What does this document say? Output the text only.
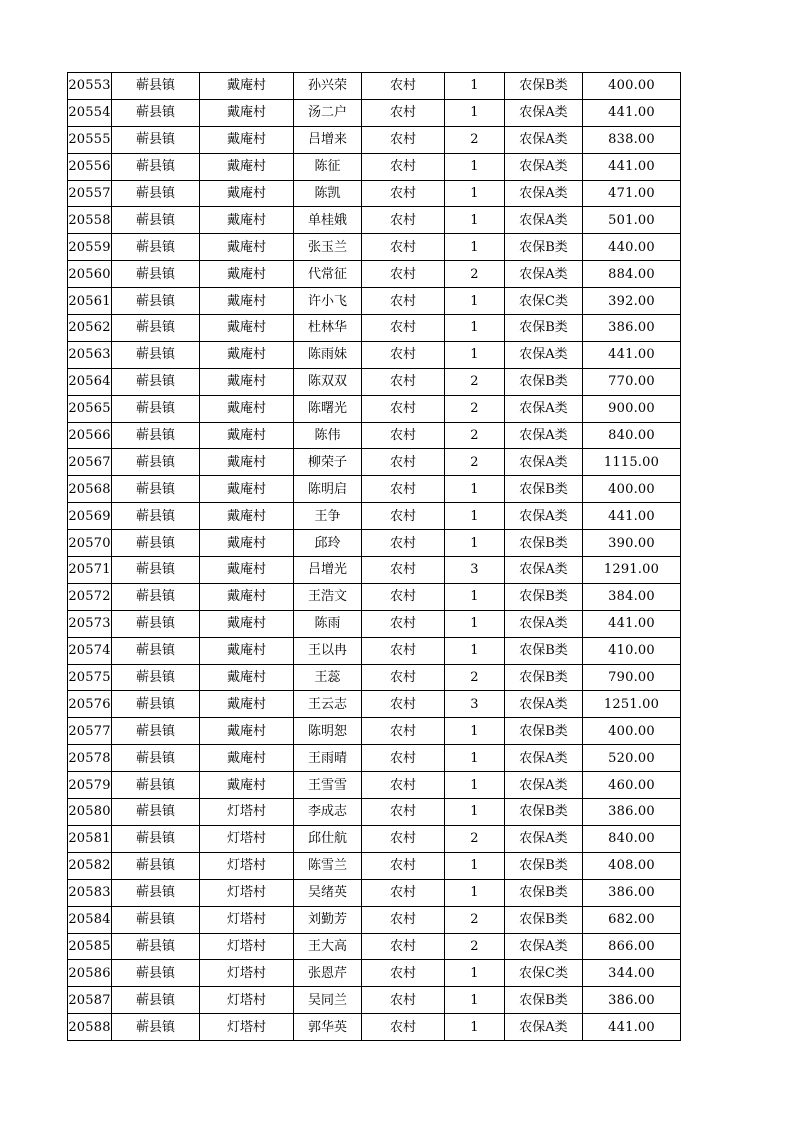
20553	蕲县镇	戴庵村	孙兴荣	农村	1	农保B类	400.00
20554	蕲县镇	戴庵村	汤二户	农村	1	农保A类	441.00
20555	蕲县镇	戴庵村	吕增来	农村	2	农保A类	838.00
20556	蕲县镇	戴庵村	陈征	农村	1	农保A类	441.00
20557	蕲县镇	戴庵村	陈凯	农村	1	农保A类	471.00
20558	蕲县镇	戴庵村	单桂娥	农村	1	农保A类	501.00
20559	蕲县镇	戴庵村	张玉兰	农村	1	农保B类	440.00
20560	蕲县镇	戴庵村	代常征	农村	2	农保A类	884.00
20561	蕲县镇	戴庵村	许小飞	农村	1	农保C类	392.00
20562	蕲县镇	戴庵村	杜林华	农村	1	农保B类	386.00
20563	蕲县镇	戴庵村	陈雨妹	农村	1	农保A类	441.00
20564	蕲县镇	戴庵村	陈双双	农村	2	农保B类	770.00
20565	蕲县镇	戴庵村	陈曙光	农村	2	农保A类	900.00
20566	蕲县镇	戴庵村	陈伟	农村	2	农保A类	840.00
20567	蕲县镇	戴庵村	柳荣子	农村	2	农保A类	1115.00
20568	蕲县镇	戴庵村	陈明启	农村	1	农保B类	400.00
20569	蕲县镇	戴庵村	王争	农村	1	农保A类	441.00
20570	蕲县镇	戴庵村	邱玲	农村	1	农保B类	390.00
20571	蕲县镇	戴庵村	吕增光	农村	3	农保A类	1291.00
20572	蕲县镇	戴庵村	王浩文	农村	1	农保B类	384.00
20573	蕲县镇	戴庵村	陈雨	农村	1	农保A类	441.00
20574	蕲县镇	戴庵村	王以冉	农村	1	农保B类	410.00
20575	蕲县镇	戴庵村	王蕊	农村	2	农保B类	790.00
20576	蕲县镇	戴庵村	王云志	农村	3	农保A类	1251.00
20577	蕲县镇	戴庵村	陈明恕	农村	1	农保B类	400.00
20578	蕲县镇	戴庵村	王雨晴	农村	1	农保A类	520.00
20579	蕲县镇	戴庵村	王雪雪	农村	1	农保A类	460.00
20580	蕲县镇	灯塔村	李成志	农村	1	农保B类	386.00
20581	蕲县镇	灯塔村	邱仕航	农村	2	农保A类	840.00
20582	蕲县镇	灯塔村	陈雪兰	农村	1	农保B类	408.00
20583	蕲县镇	灯塔村	吴绪英	农村	1	农保B类	386.00
20584	蕲县镇	灯塔村	刘勤芳	农村	2	农保B类	682.00
20585	蕲县镇	灯塔村	王大高	农村	2	农保A类	866.00
20586	蕲县镇	灯塔村	张恩芹	农村	1	农保C类	344.00
20587	蕲县镇	灯塔村	吴同兰	农村	1	农保B类	386.00
20588	蕲县镇	灯塔村	郭华英	农村	1	农保A类	441.00
